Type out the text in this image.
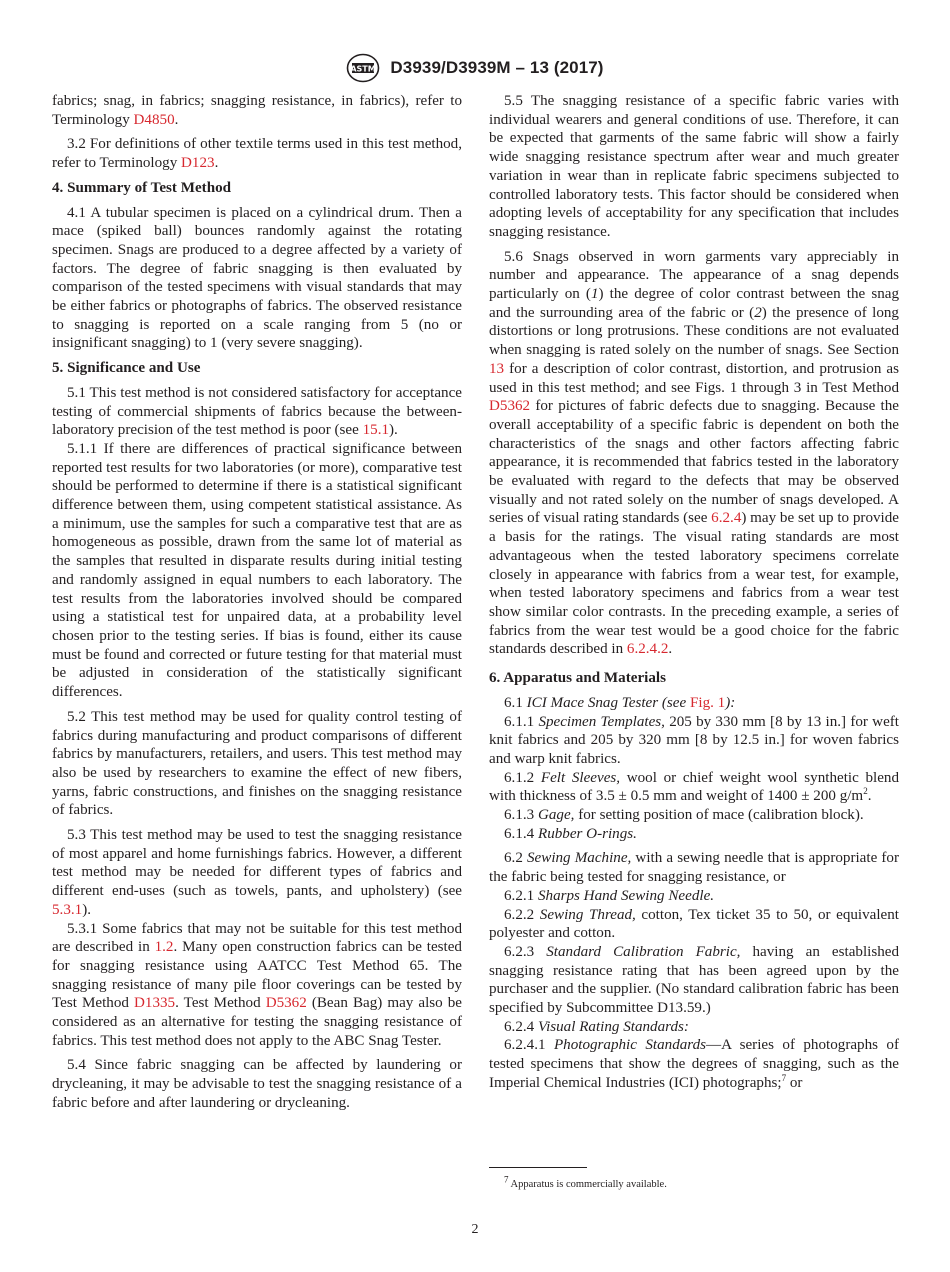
ASTM D3939/D3939M – 13 (2017)

fabrics; snag, in fabrics; snagging resistance, in fabrics), refer to Terminology D4850.

3.2 For definitions of other textile terms used in this test method, refer to Terminology D123.

4. Summary of Test Method

4.1 A tubular specimen is placed on a cylindrical drum. Then a mace (spiked ball) bounces randomly against the rotating specimen. Snags are produced to a degree affected by a variety of factors. The degree of fabric snagging is then evaluated by comparison of the tested specimens with visual standards that may be either fabrics or photographs of fabrics. The observed resistance to snagging is reported on a scale ranging from 5 (no or insignificant snagging) to 1 (very severe snagging).

5. Significance and Use

5.1 This test method is not considered satisfactory for acceptance testing of commercial shipments of fabrics because the between-laboratory precision of the test method is poor (see 15.1).

5.1.1 If there are differences of practical significance between reported test results for two laboratories (or more), comparative test should be performed to determine if there is a statistical significant difference between them, using competent statistical assistance. As a minimum, use the samples for such a comparative test that are as homogeneous as possible, drawn from the same lot of material as the samples that resulted in disparate results during initial testing and randomly assigned in equal numbers to each laboratory. The test results from the laboratories involved should be compared using a statistical test for unpaired data, at a probability level chosen prior to the testing series. If bias is found, either its cause must be found and corrected or future testing for that material must be adjusted in consideration of the statistically significant differences.

5.2 This test method may be used for quality control testing of fabrics during manufacturing and product comparisons of different fabrics by manufacturers, retailers, and users. This test method may also be used by researchers to examine the effect of new fibers, yarns, fabric constructions, and finishes on the snagging resistance of fabrics.

5.3 This test method may be used to test the snagging resistance of most apparel and home furnishings fabrics. However, a different test method may be needed for different types of fabrics and different end-uses (such as towels, pants, and upholstery) (see 5.3.1).

5.3.1 Some fabrics that may not be suitable for this test method are described in 1.2. Many open construction fabrics can be tested for snagging resistance using AATCC Test Method 65. The snagging resistance of many pile floor coverings can be tested by Test Method D1335. Test Method D5362 (Bean Bag) may also be considered as an alternative for testing the snagging resistance of fabrics. This test method does not apply to the ABC Snag Tester.

5.4 Since fabric snagging can be affected by laundering or drycleaning, it may be advisable to test the snagging resistance of a fabric before and after laundering or drycleaning.

5.5 The snagging resistance of a specific fabric varies with individual wearers and general conditions of use. Therefore, it can be expected that garments of the same fabric will show a fairly wide snagging resistance spectrum after wear and much greater variation in wear than in replicate fabric specimens subjected to controlled laboratory tests. This factor should be considered when adopting levels of acceptability for any specification that includes snagging resistance.

5.6 Snags observed in worn garments vary appreciably in number and appearance. The appearance of a snag depends particularly on (1) the degree of color contrast between the snag and the surrounding area of the fabric or (2) the presence of long distortions or long protrusions. These conditions are not evaluated when snagging is rated solely on the number of snags. See Section 13 for a description of color contrast, distortion, and protrusion as used in this test method; and see Figs. 1 through 3 in Test Method D5362 for pictures of fabric defects due to snagging. Because the overall acceptability of a specific fabric is dependent on both the characteristics of the snags and other factors affecting fabric appearance, it is recommended that fabrics tested in the laboratory be evaluated with regard to the defects that may be observed visually and not rated solely on the number of snags developed. A series of visual rating standards (see 6.2.4) may be set up to provide a basis for the ratings. The visual rating standards are most advantageous when the tested laboratory specimens correlate closely in appearance with fabrics from a wear test, for example, when tested laboratory specimens and fabrics from a wear test show similar color contrasts. In the preceding example, a series of fabrics from the wear test would be a good choice for the fabric standards described in 6.2.4.2.

6. Apparatus and Materials

6.1 ICI Mace Snag Tester (see Fig. 1):

6.1.1 Specimen Templates, 205 by 330 mm [8 by 13 in.] for weft knit fabrics and 205 by 320 mm [8 by 12.5 in.] for woven fabrics and warp knit fabrics.

6.1.2 Felt Sleeves, wool or chief weight wool synthetic blend with thickness of 3.5 ± 0.5 mm and weight of 1400 ± 200 $g/m^2$.

6.1.3 Gage, for setting position of mace (calibration block).

6.1.4 Rubber O-rings.

6.2 Sewing Machine, with a sewing needle that is appropriate for the fabric being tested for snagging resistance, or

6.2.1 Sharps Hand Sewing Needle.

6.2.2 Sewing Thread, cotton, Tex ticket 35 to 50, or equivalent polyester and cotton.

6.2.3 Standard Calibration Fabric, having an established snagging resistance rating that has been agreed upon by the purchaser and the supplier. (No standard calibration fabric has been specified by Subcommittee D13.59.)

6.2.4 Visual Rating Standards:

6.2.4.1 Photographic Standards—A series of photographs of tested specimens that show the degrees of snagging, such as the Imperial Chemical Industries (ICI) photographs;$^7$ or

$^7$ Apparatus is commercially available.
2
